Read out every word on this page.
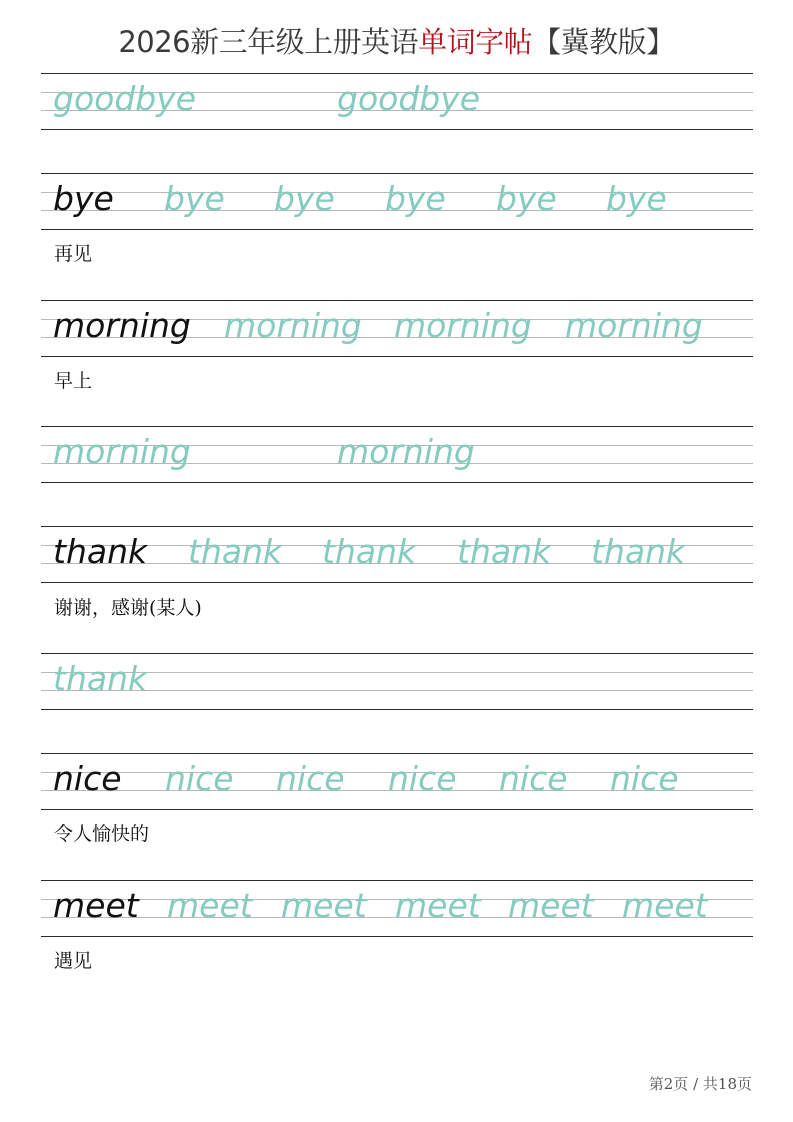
2026新三年级上册英语单词字帖【冀教版】
goodbye	goodbye
bye bye bye bye bye bye
再见
morning morning morning morning
早上
morning	morning
thank thank thank thank thank
谢谢，感谢(某人)
thank
nice nice nice nice nice nice
令人愉快的
meet meet meet meet meet meet
遇见
第2页 / 共18页
